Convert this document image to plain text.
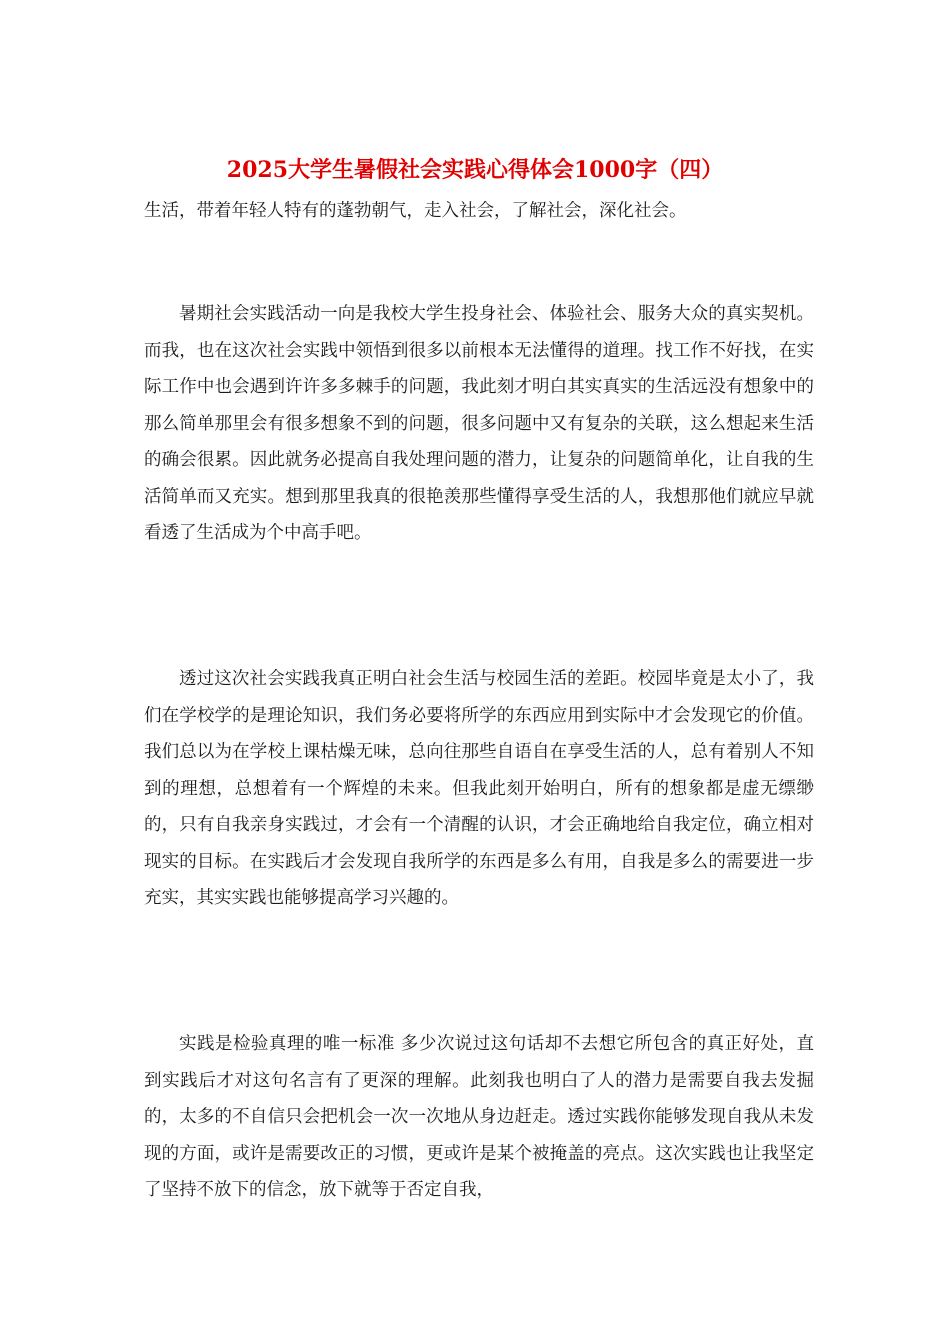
2025大学生暑假社会实践心得体会1000字（四）

生活，带着年轻人特有的蓬勃朝气，走入社会，了解社会，深化社会。

暑期社会实践活动一向是我校大学生投身社会、体验社会、服务大众的真实契机。而我，也在这次社会实践中领悟到很多以前根本无法懂得的道理。找工作不好找，在实际工作中也会遇到许许多多棘手的问题，我此刻才明白其实真实的生活远没有想象中的那么简单那里会有很多想象不到的问题，很多问题中又有复杂的关联，这么想起来生活的确会很累。因此就务必提高自我处理问题的潜力，让复杂的问题简单化，让自我的生活简单而又充实。想到那里我真的很艳羡那些懂得享受生活的人，我想那他们就应早就看透了生活成为个中高手吧。

透过这次社会实践我真正明白社会生活与校园生活的差距。校园毕竟是太小了，我们在学校学的是理论知识，我们务必要将所学的东西应用到实际中才会发现它的价值。我们总以为在学校上课枯燥无味，总向往那些自语自在享受生活的人，总有着别人不知到的理想，总想着有一个辉煌的未来。但我此刻开始明白，所有的想象都是虚无缥缈的，只有自我亲身实践过，才会有一个清醒的认识，才会正确地给自我定位，确立相对现实的目标。在实践后才会发现自我所学的东西是多么有用，自我是多么的需要进一步充实，其实实践也能够提高学习兴趣的。

实践是检验真理的唯一标准 多少次说过这句话却不去想它所包含的真正好处，直到实践后才对这句名言有了更深的理解。此刻我也明白了人的潜力是需要自我去发掘的，太多的不自信只会把机会一次一次地从身边赶走。透过实践你能够发现自我从未发现的方面，或许是需要改正的习惯，更或许是某个被掩盖的亮点。这次实践也让我坚定了坚持不放下的信念，放下就等于否定自我，
